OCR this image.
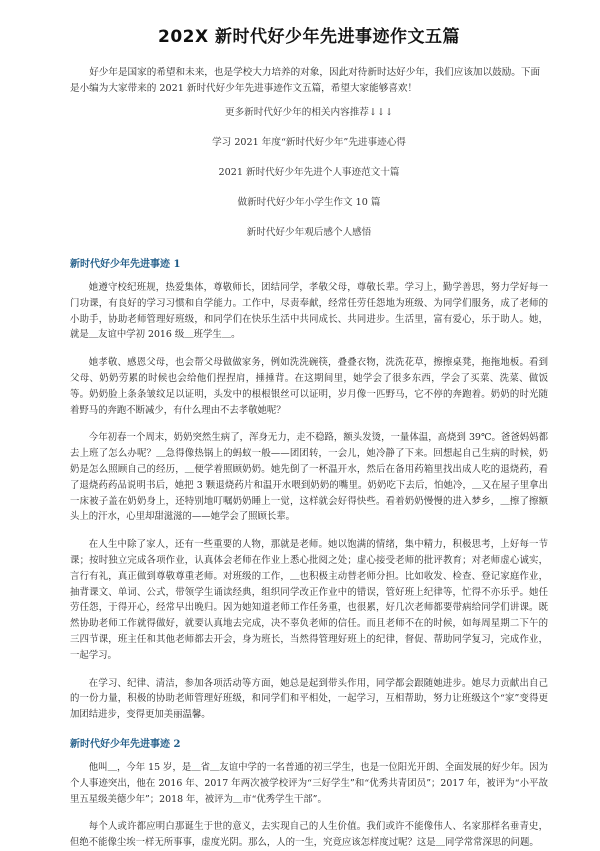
202X 新时代好少年先进事迹作文五篇

好少年是国家的希望和未来，也是学校大力培养的对象，因此对待新时达好少年，我们应该加以鼓励。下面是小编为大家带来的 2021 新时代好少年先进事迹作文五篇，希望大家能够喜欢！

更多新时代好少年的相关内容推荐↓↓↓
学习 2021 年度“新时代好少年”先进事迹心得
2021 新时代好少年先进个人事迹范文十篇
做新时代好少年小学生作文 10 篇
新时代好少年观后感个人感悟
新时代好少年先进事迹 1

她遵守校纪班规，热爱集体，尊敬师长，团结同学，孝敬父母，尊敬长辈。学习上，勤学善思，努力学好每一门功课，有良好的学习习惯和自学能力。工作中，尽责奉献，经常任劳任怨地为班级、为同学们服务，成了老师的小助手，协助老师管理好班级，和同学们在快乐生活中共同成长、共同进步。生活里，富有爱心，乐于助人。她，就是＿友谊中学初 2016 级＿班学生＿。

她孝敬、感恩父母，也会帮父母做做家务，例如洗洗碗筷，叠叠衣物，洗洗花草，擦擦桌凳，拖拖地板。看到父母、奶奶劳累的时候也会给他们捏捏肩，捶捶背。在这期间里，她学会了很多东西，学会了买菜、洗菜、做饭等。奶奶脸上条条皱纹足以证明，头发中的根根银丝可以证明，岁月像一匹野马，它不停的奔跑着。奶奶的时光随着野马的奔跑不断减少，有什么理由不去孝敬她呢？

今年初春一个周末，奶奶突然生病了，浑身无力，走不稳路，额头发烫，一量体温，高烧到 39℃。爸爸妈妈都去上班了怎么办呢？＿急得像热锅上的蚂蚁一般——团团转，一会儿，她冷静了下来。回想起自己生病的时候，奶奶是怎么照顾自己的经历，＿便学着照顾奶奶。她先倒了一杯温开水，然后在备用药箱里找出成人吃的退烧药，看了退烧药药品说明书后，她把 3 颗退烧药片和温开水喂到奶奶的嘴里。奶奶吃下去后，怕她冷，＿又在屋子里拿出一床被子盖在奶奶身上，还特别地叮嘱奶奶睡上一觉，这样就会好得快些。看着奶奶慢慢的进入梦乡，＿擦了擦额头上的汗水，心里却甜滋滋的——她学会了照顾长辈。

在人生中除了家人，还有一些重要的人物，那就是老师。她以饱满的情绪，集中精力，积极思考，上好每一节课；按时独立完成各项作业，认真体会老师在作业上悉心批阅之处；虚心接受老师的批评教育；对老师虚心诚实，言行有礼，真正做到尊敬尊重老师。对班级的工作，＿也积极主动替老师分担。比如收发、检查、登记家庭作业，抽背课文、单词、公式，带领学生诵读经典，组织同学改正作业中的错误，管好班上纪律等，忙得不亦乐乎。她任劳任怨，于得开心，经常早出晚归。因为她知道老师工作任务重，也很累，好几次老师都要带病给同学们讲课。既然协助老师工作就得做好，就要认真地去完成，决不辜负老师的信任。而且老师不在的时候，如每周星期二下午的三四节课，班主任和其他老师都去开会，身为班长，当然得管理好班上的纪律，督促、帮助同学复习，完成作业，一起学习。

在学习、纪律、清洁，参加各项活动等方面，她总是起到带头作用，同学都会跟随她进步。她尽力贡献出自己的一份力量，积极的协助老师管理好班级，和同学们和平相处，一起学习，互相帮助，努力让班级这个“家”变得更加团结进步，变得更加美丽温馨。

新时代好少年先进事迹 2

他叫＿，今年 15 岁，是＿省＿友谊中学的一名普通的初三学生，也是一位阳光开朗、全面发展的好少年。因为个人事迹突出，他在 2016 年、2017 年两次被学校评为“三好学生”和“优秀共青团员”；2017 年，被评为“小平故里五星级美德少年”；2018 年，被评为＿市“优秀学生干部”。

每个人或许都应明白那诞生于世的意义，去实现自己的人生价值。我们或许不能像伟人、名家那样名垂青史，但绝不能像尘埃一样无所事事，虚度光阴。那么，人的一生，究竟应该怎样度过呢？这是＿同学常常深思的问题。
